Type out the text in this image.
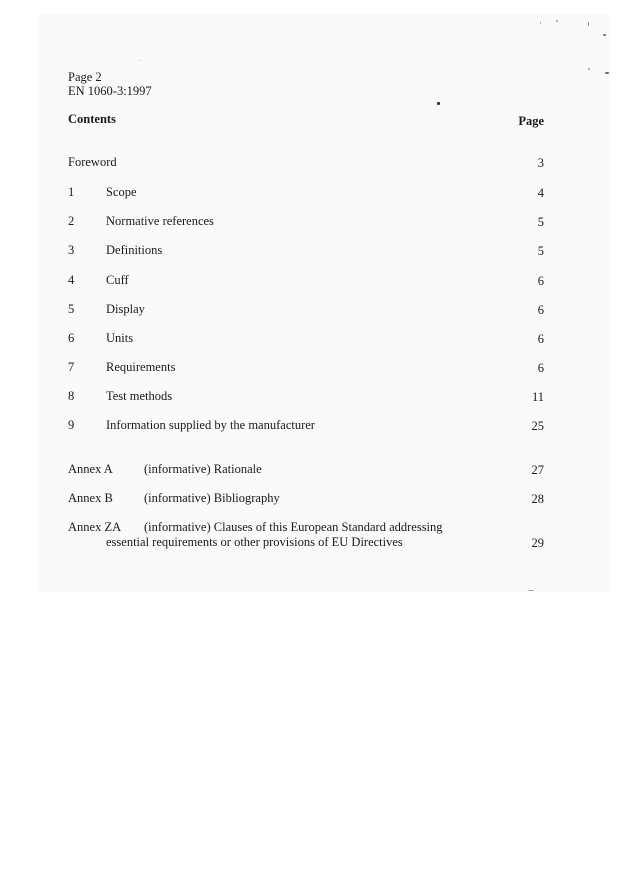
Page 2
EN 1060-3:1997
Contents	Page
Foreword	3
1	Scope	4
2	Normative references	5
3	Definitions	5
4	Cuff	6
5	Display	6
6	Units	6
7	Requirements	6
8	Test methods	11
9	Information supplied by the manufacturer	25
Annex A (informative) Rationale	27
Annex B (informative) Bibliography	28
Annex ZA (informative) Clauses of this European Standard addressing
essential requirements or other provisions of EU Directives	29
